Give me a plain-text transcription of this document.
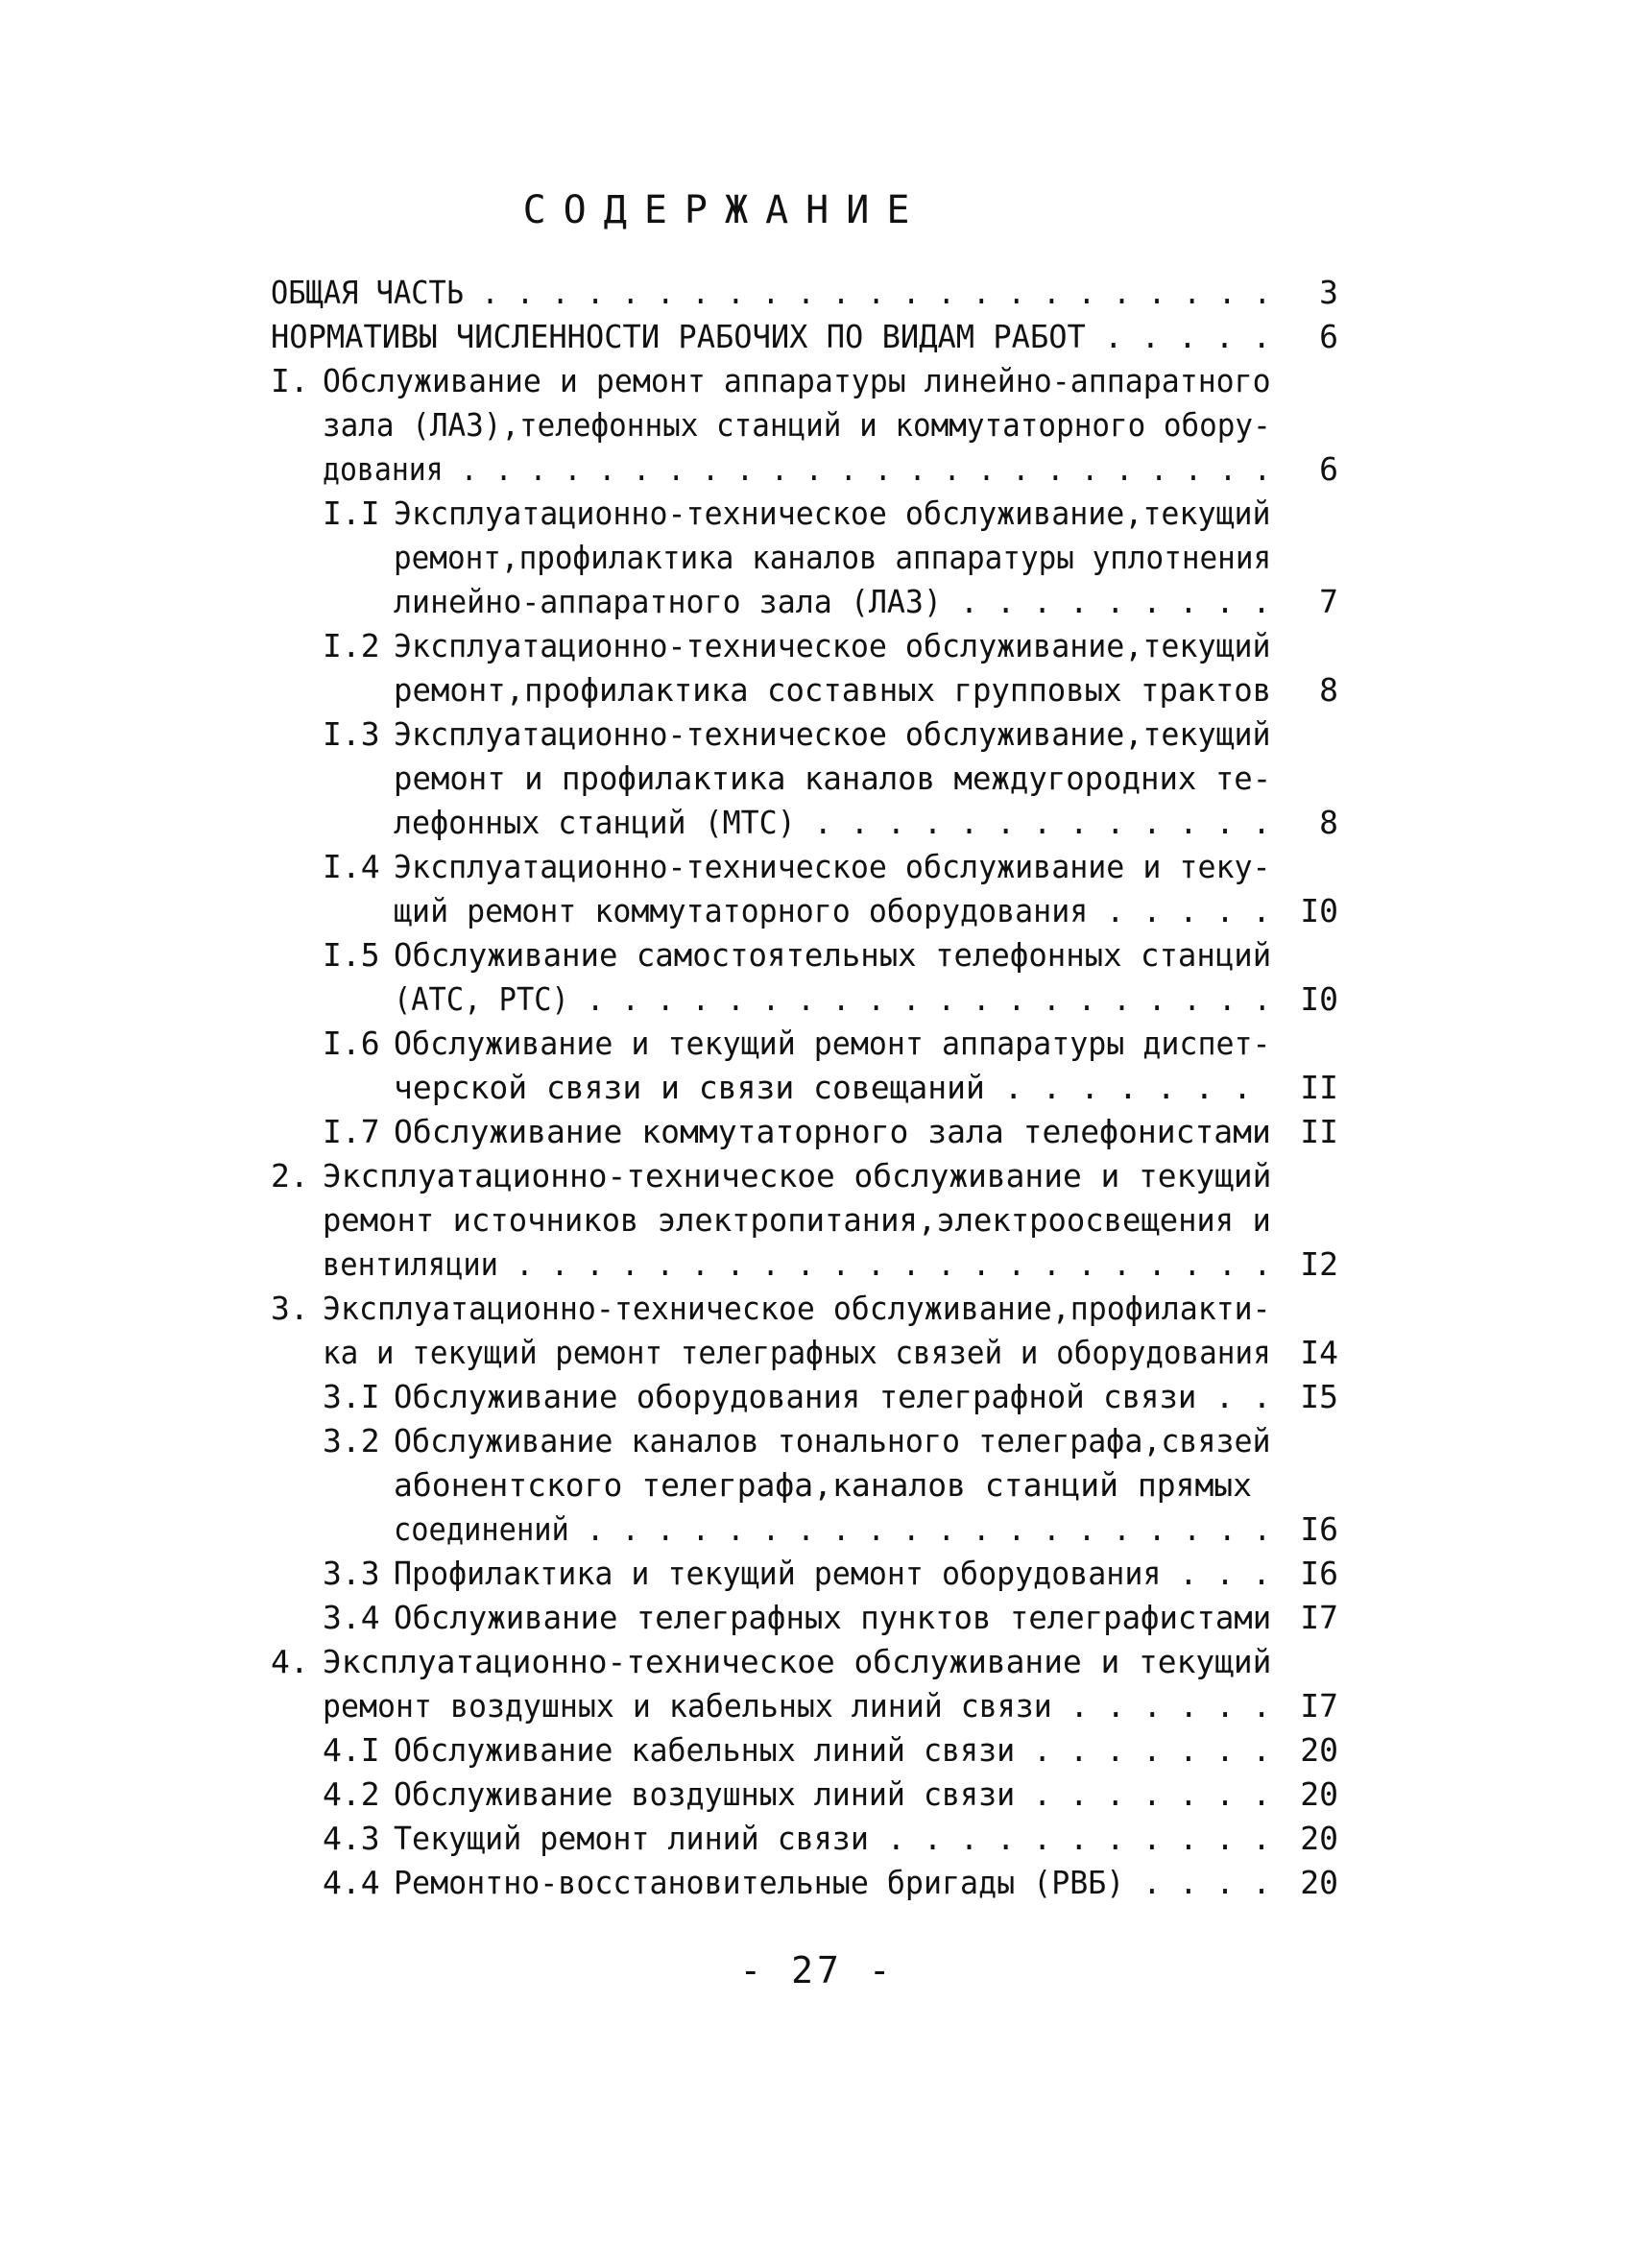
СОДЕРЖАНИЕ
ОБЩАЯ ЧАСТЬ . . . . . . . . . . . . . . . . . . . . . . . 3
НОРМАТИВЫ ЧИСЛЕННОСТИ РАБОЧИХ ПО ВИДАМ РАБОТ . . . . . 6
I. Обслуживание и ремонт аппаратуры линейно-аппаратного
зала (ЛАЗ),телефонных станций и коммутаторного обору-
дования . . . . . . . . . . . . . . . . . . . . . . . . 6
I.I Эксплуатационно-техническое обслуживание,текущий
ремонт,профилактика каналов аппаратуры уплотнения
линейно-аппаратного зала (ЛАЗ) . . . . . . . . . 7
I.2 Эксплуатационно-техническое обслуживание,текущий
ремонт,профилактика составных групповых трактов 8
I.3 Эксплуатационно-техническое обслуживание,текущий
ремонт и профилактика каналов междугородних те-
лефонных станций (МТС) . . . . . . . . . . . . . 8
I.4 Эксплуатационно-техническое обслуживание и теку-
щий ремонт коммутаторного оборудования . . . . . I0
I.5 Обслуживание самостоятельных телефонных станций
(АТС, РТС) . . . . . . . . . . . . . . . . . . . . I0
I.6 Обслуживание и текущий ремонт аппаратуры диспет-
черской связи и связи совещаний . . . . . . . II
I.7 Обслуживание коммутаторного зала телефонистами II
2. Эксплуатационно-техническое обслуживание и текущий
ремонт источников электропитания,электроосвещения и
вентиляции . . . . . . . . . . . . . . . . . . . . . . I2
3. Эксплуатационно-техническое обслуживание,профилакти-
ка и текущий ремонт телеграфных связей и оборудования I4
3.I Обслуживание оборудования телеграфной связи . . I5
3.2 Обслуживание каналов тонального телеграфа,связей
абонентского телеграфа,каналов станций прямых
соединений . . . . . . . . . . . . . . . . . . . . I6
3.3 Профилактика и текущий ремонт оборудования . . . I6
3.4 Обслуживание телеграфных пунктов телеграфистами I7
4. Эксплуатационно-техническое обслуживание и текущий
ремонт воздушных и кабельных линий связи . . . . . . I7
4.I Обслуживание кабельных линий связи . . . . . . . 20
4.2 Обслуживание воздушных линий связи . . . . . . . 20
4.3 Текущий ремонт линий связи . . . . . . . . . . . 20
4.4 Ремонтно-восстановительные бригады (РВБ) . . . . 20
- 27 -
